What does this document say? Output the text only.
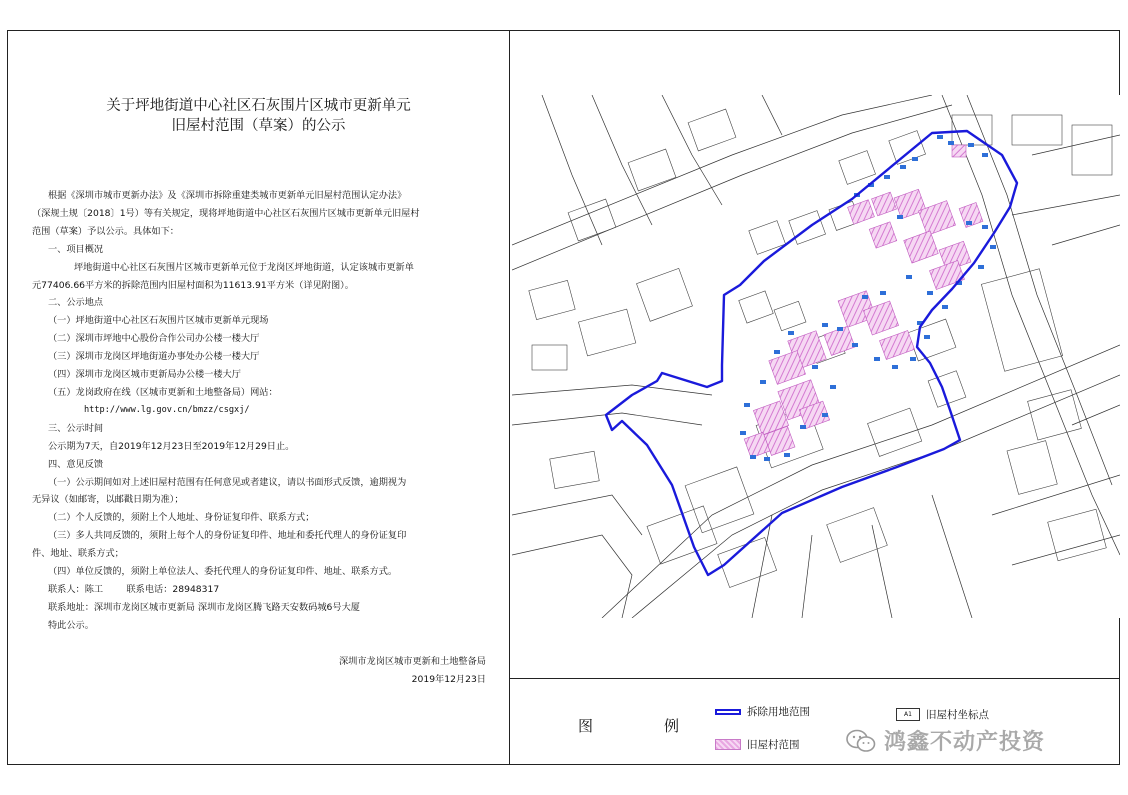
关于坪地街道中心社区石灰围片区城市更新单元
旧屋村范围（草案）的公示

根据《深圳市城市更新办法》及《深圳市拆除重建类城市更新单元旧屋村范围认定办法》

（深规土规〔2018〕1号）等有关规定，现将坪地街道中心社区石灰围片区城市更新单元旧屋村

范围（草案）予以公示。具体如下：

一、项目概况

坪地街道中心社区石灰围片区城市更新单元位于龙岗区坪地街道，认定该城市更新单

元77406.66平方米的拆除范围内旧屋村面积为11613.91平方米（详见附图）。

二、公示地点

（一）坪地街道中心社区石灰围片区城市更新单元现场

（二）深圳市坪地中心股份合作公司办公楼一楼大厅

（三）深圳市龙岗区坪地街道办事处办公楼一楼大厅

（四）深圳市龙岗区城市更新局办公楼一楼大厅

（五）龙岗政府在线（区城市更新和土地整备局）网站：

http://www.lg.gov.cn/bmzz/csgxj/

三、公示时间

公示期为7天，自2019年12月23日至2019年12月29日止。

四、意见反馈

（一）公示期间如对上述旧屋村范围有任何意见或者建议，请以书面形式反馈，逾期视为

无异议（如邮寄，以邮戳日期为准）；

（二）个人反馈的，须附上个人地址、身份证复印件、联系方式；

（三）多人共同反馈的，须附上每个人的身份证复印件、地址和委托代理人的身份证复印

件、地址、联系方式；

（四）单位反馈的，须附上单位法人、委托代理人的身份证复印件、地址、联系方式。

联系人：陈工        联系电话：28948317

联系地址：深圳市龙岗区城市更新局 深圳市龙岗区腾飞路天安数码城6号大厦

特此公示。

深圳市龙岗区城市更新和土地整备局
2019年12月23日
图　例
拆除用地范围
旧屋村范围
A1	旧屋村坐标点
鸿鑫不动产投资
